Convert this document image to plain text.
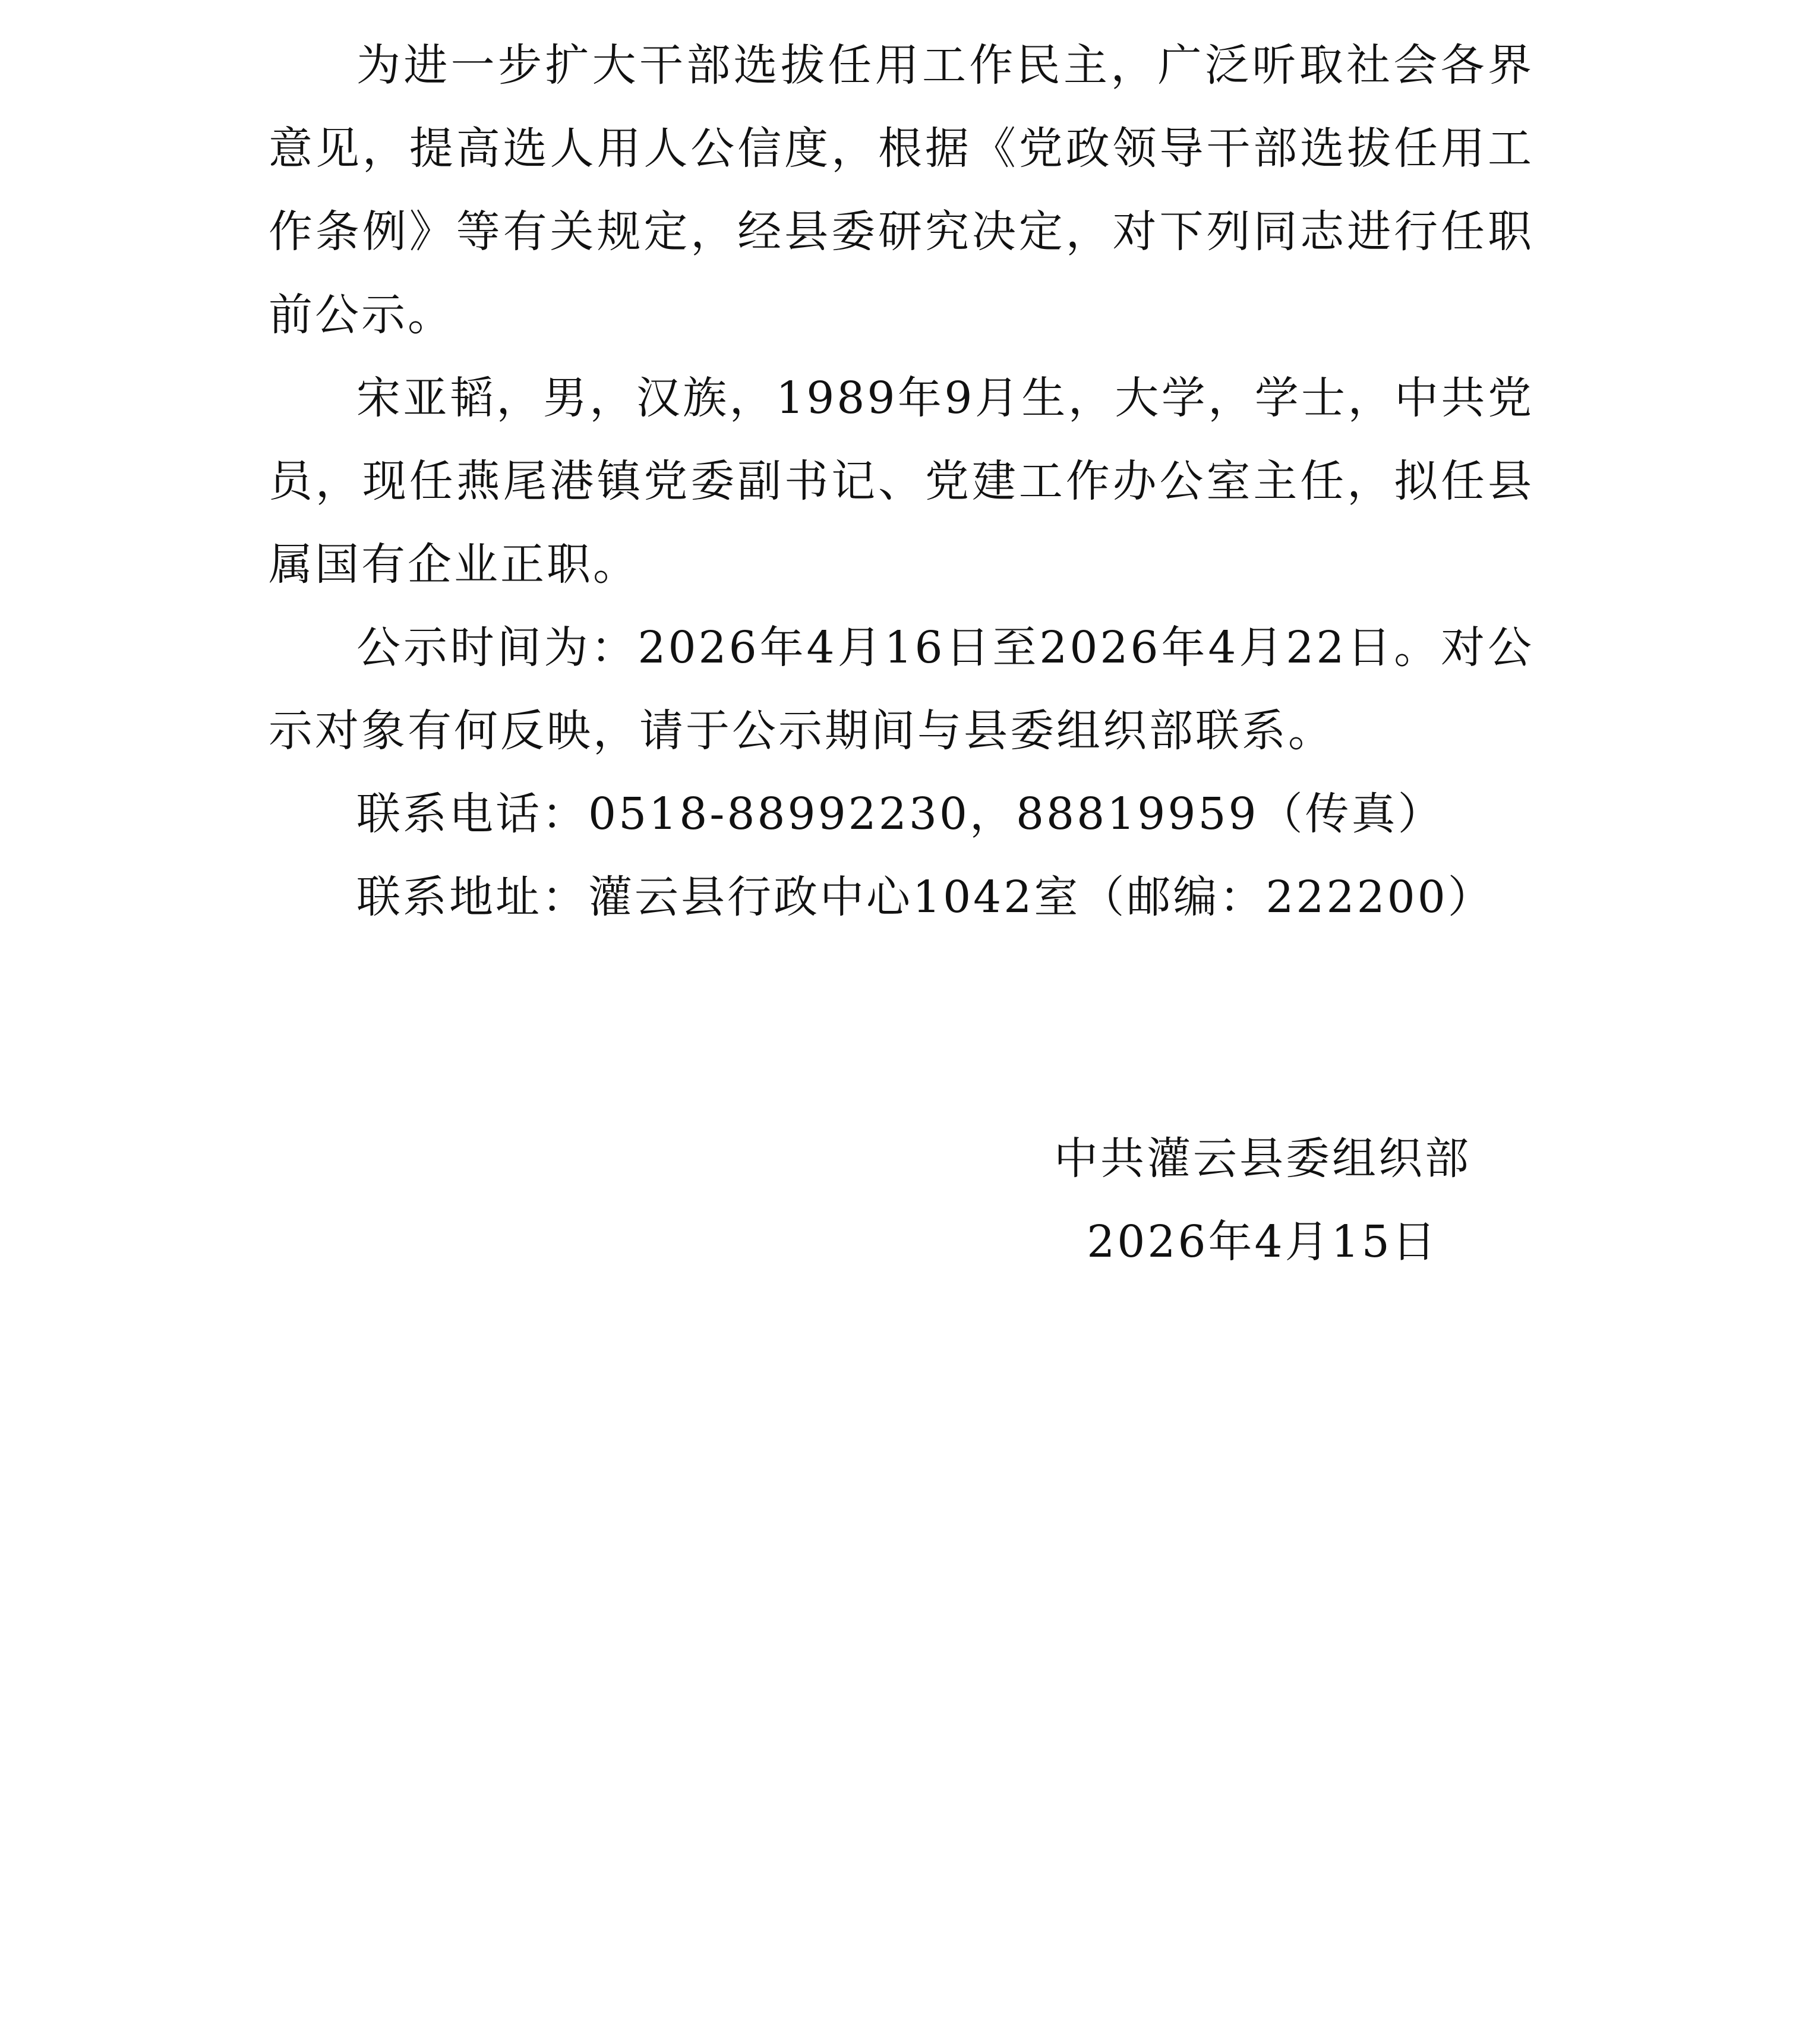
为进一步扩大干部选拔任用工作民主，广泛听取社会各界意见，提高选人用人公信度，根据《党政领导干部选拔任用工作条例》等有关规定，经县委研究决定，对下列同志进行任职前公示。

宋亚韬，男，汉族，1989年9月生，大学，学士，中共党员，现任燕尾港镇党委副书记、党建工作办公室主任，拟任县属国有企业正职。

公示时间为：2026年4月16日至2026年4月22日。对公示对象有何反映，请于公示期间与县委组织部联系。

联系电话：0518-88992230，88819959（传真）

联系地址：灌云县行政中心1042室（邮编：222200）

中共灌云县委组织部
2026年4月15日
